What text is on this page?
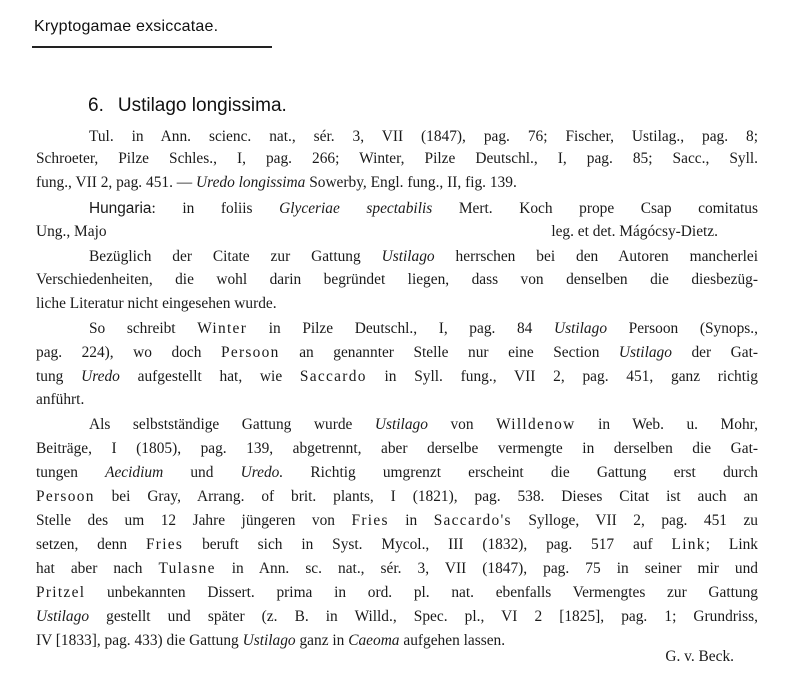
Kryptogamae exsiccatae.
6. Ustilago longissima.
Tul. in Ann. scienc. nat., sér. 3, VII (1847), pag. 76; Fischer, Ustilag., pag. 8;
Schroeter, Pilze Schles., I, pag. 266; Winter, Pilze Deutschl., I, pag. 85; Sacc., Syll.
fung., VII 2, pag. 451. — Uredo longissima Sowerby, Engl. fung., II, fig. 139.
Hungaria: in foliis Glyceriae spectabilis Mert. Koch prope Csap comitatus
Ung., Majo	leg. et det. Mágócsy-Dietz.
Bezüglich der Citate zur Gattung Ustilago herrschen bei den Autoren mancherlei
Verschiedenheiten, die wohl darin begründet liegen, dass von denselben die diesbezüg-
liche Literatur nicht eingesehen wurde.
So schreibt Winter in Pilze Deutschl., I, pag. 84 Ustilago Persoon (Synops.,
pag. 224), wo doch Persoon an genannter Stelle nur eine Section Ustilago der Gat-
tung Uredo aufgestellt hat, wie Saccardo in Syll. fung., VII 2, pag. 451, ganz richtig
anführt.
Als selbstständige Gattung wurde Ustilago von Willdenow in Web. u. Mohr,
Beiträge, I (1805), pag. 139, abgetrennt, aber derselbe vermengte in derselben die Gat-
tungen Aecidium und Uredo. Richtig umgrenzt erscheint die Gattung erst durch
Persoon bei Gray, Arrang. of brit. plants, I (1821), pag. 538. Dieses Citat ist auch an
Stelle des um 12 Jahre jüngeren von Fries in Saccardo's Sylloge, VII 2, pag. 451 zu
setzen, denn Fries beruft sich in Syst. Mycol., III (1832), pag. 517 auf Link; Link
hat aber nach Tulasne in Ann. sc. nat., sér. 3, VII (1847), pag. 75 in seiner mir und
Pritzel unbekannten Dissert. prima in ord. pl. nat. ebenfalls Vermengtes zur Gattung
Ustilago gestellt und später (z. B. in Willd., Spec. pl., VI 2 [1825], pag. 1; Grundriss,
IV [1833], pag. 433) die Gattung Ustilago ganz in Caeoma aufgehen lassen.
G. v. Beck.
